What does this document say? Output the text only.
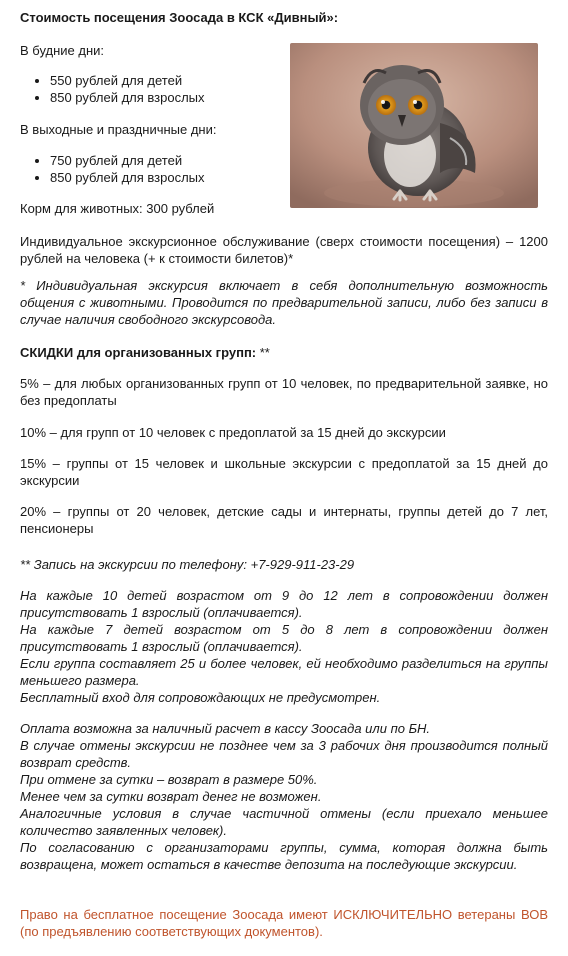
Стоимость посещения Зоосада в КСК «Дивный»:
В будние дни:
• 550 рублей для детей
• 850 рублей для взрослых
В выходные и праздничные дни:
• 750 рублей для детей
• 850 рублей для взрослых
Корм для животных: 300 рублей

Индивидуальное экскурсионное обслуживание (сверх стоимости посещения) – 1200 рублей на человека (+ к стоимости билетов)*

* Индивидуальная экскурсия включает в себя дополнительную возможность общения с животными. Проводится по предварительной записи, либо без записи в случае наличия свободного экскурсовода.

СКИДКИ для организованных групп: **

5% – для любых организованных групп от 10 человек, по предварительной заявке, но без предоплаты

10% – для групп от 10 человек с предоплатой за 15 дней до экскурсии

15% – группы от 15 человек и школьные экскурсии с предоплатой за 15 дней до экскурсии

20% – группы от 20 человек, детские сады и интернаты, группы детей до 7 лет, пенсионеры

** Запись на экскурсии по телефону: +7-929-911-23-29

На каждые 10 детей возрастом от 9 до 12 лет в сопровождении должен присутствовать 1 взрослый (оплачивается).

На каждые 7 детей возрастом от 5 до 8 лет в сопровождении должен присутствовать 1 взрослый (оплачивается).

Если группа составляет 25 и более человек, ей необходимо разделиться на группы меньшего размера.

Бесплатный вход для сопровождающих не предусмотрен.

Оплата возможна за наличный расчет в кассу Зоосада или по БН.

В случае отмены экскурсии не позднее чем за 3 рабочих дня производится полный возврат средств.

При отмене за сутки – возврат в размере 50%.

Менее чем за сутки возврат денег не возможен.

Аналогичные условия в случае частичной отмены (если приехало меньшее количество заявленных человек).

По согласованию с организаторами группы, сумма, которая должна быть возвращена, может остаться в качестве депозита на последующие экскурсии.

Право на бесплатное посещение Зоосада имеют ИСКЛЮЧИТЕЛЬНО ветераны ВОВ (по предъявлению соответствующих документов).
